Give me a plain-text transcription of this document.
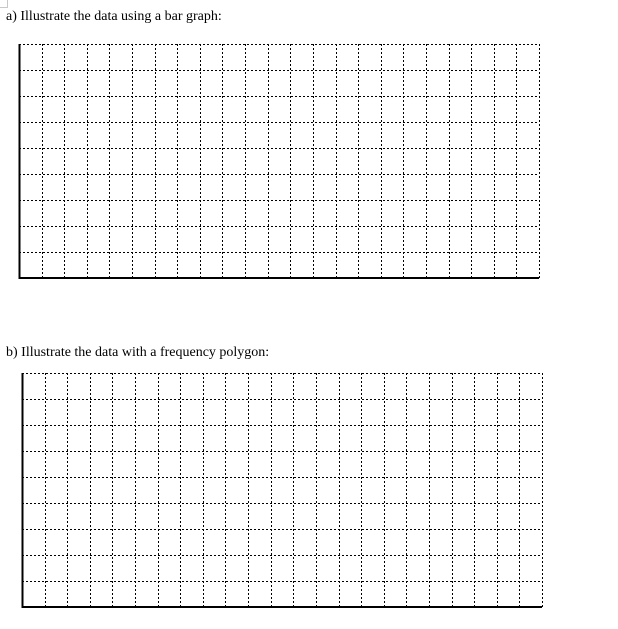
a) Illustrate the data using a bar graph:

b) Illustrate the data with a frequency polygon:
